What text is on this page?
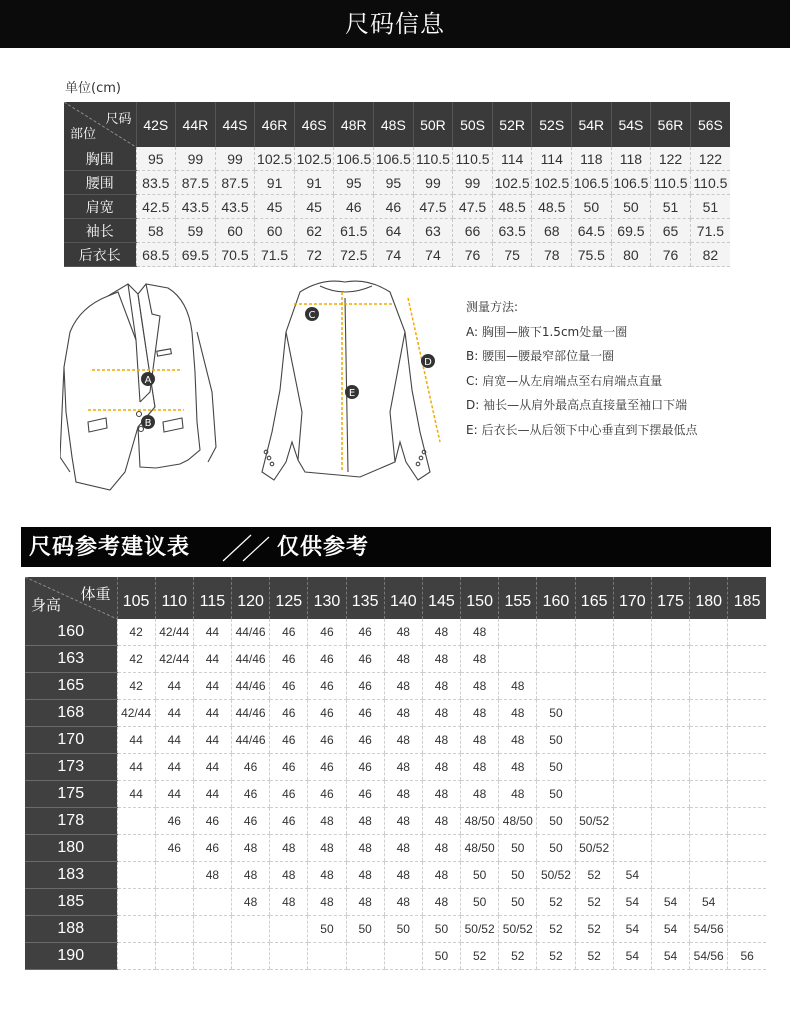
尺码信息
单位(cm)
尺码
部位	42S	44R	44S	46R	46S	48R	48S	50R	50S	52R	52S	54R	54S	56R	56S
胸围	95	99	99	102.5	102.5	106.5	106.5	110.5	110.5	114	114	118	118	122	122
腰围	83.5	87.5	87.5	91	91	95	95	99	99	102.5	102.5	106.5	106.5	110.5	110.5
肩宽	42.5	43.5	43.5	45	45	46	46	47.5	47.5	48.5	48.5	50	50	51	51
袖长	58	59	60	60	62	61.5	64	63	66	63.5	68	64.5	69.5	65	71.5
后衣长	68.5	69.5	70.5	71.5	72	72.5	74	74	76	75	78	75.5	80	76	82
A
B
C
D
E
测量方法:
A: 胸围—腋下1.5cm处量一圈
B: 腰围—腰最窄部位量一圈
C: 肩宽—从左肩端点至右肩端点直量
D: 袖长—从肩外最高点直接量至袖口下端
E: 后衣长—从后领下中心垂直到下摆最低点
尺码参考建议表	仅供参考
体重
身高	105	110	115	120	125	130	135	140	145	150	155	160	165	170	175	180	185
160	42	42/44	44	44/46	46	46	46	48	48	48							
163	42	42/44	44	44/46	46	46	46	48	48	48							
165	42	44	44	44/46	46	46	46	48	48	48	48						
168	42/44	44	44	44/46	46	46	46	48	48	48	48	50					
170	44	44	44	44/46	46	46	46	48	48	48	48	50					
173	44	44	44	46	46	46	46	48	48	48	48	50					
175	44	44	44	46	46	46	46	48	48	48	48	50					
178		46	46	46	46	48	48	48	48	48/50	48/50	50	50/52				
180		46	46	48	48	48	48	48	48	48/50	50	50	50/52				
183			48	48	48	48	48	48	48	50	50	50/52	52	54			
185				48	48	48	48	48	48	50	50	52	52	54	54	54	
188						50	50	50	50	50/52	50/52	52	52	54	54	54/56	
190									50	52	52	52	52	54	54	54/56	56
